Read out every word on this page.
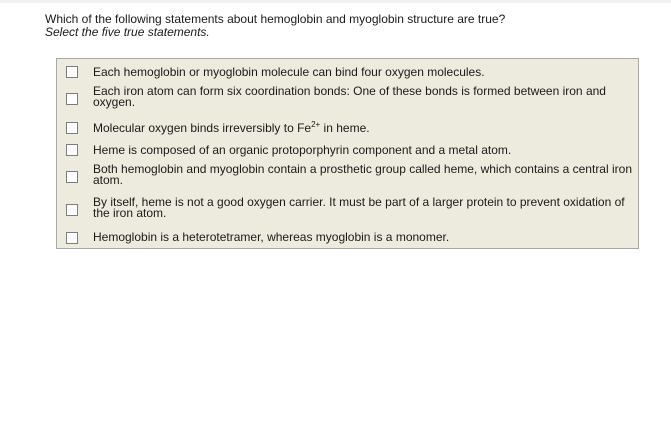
Which of the following statements about hemoglobin and myoglobin structure are true?

Select the five true statements.

Each hemoglobin or myoglobin molecule can bind four oxygen molecules.
Each iron atom can form six coordination bonds: One of these bonds is formed between iron and oxygen.
Molecular oxygen binds irreversibly to $Fe^{2+}$ in heme.
Heme is composed of an organic protoporphyrin component and a metal atom.
Both hemoglobin and myoglobin contain a prosthetic group called heme, which contains a central iron atom.
By itself, heme is not a good oxygen carrier. It must be part of a larger protein to prevent oxidation of the iron atom.
Hemoglobin is a heterotetramer, whereas myoglobin is a monomer.
